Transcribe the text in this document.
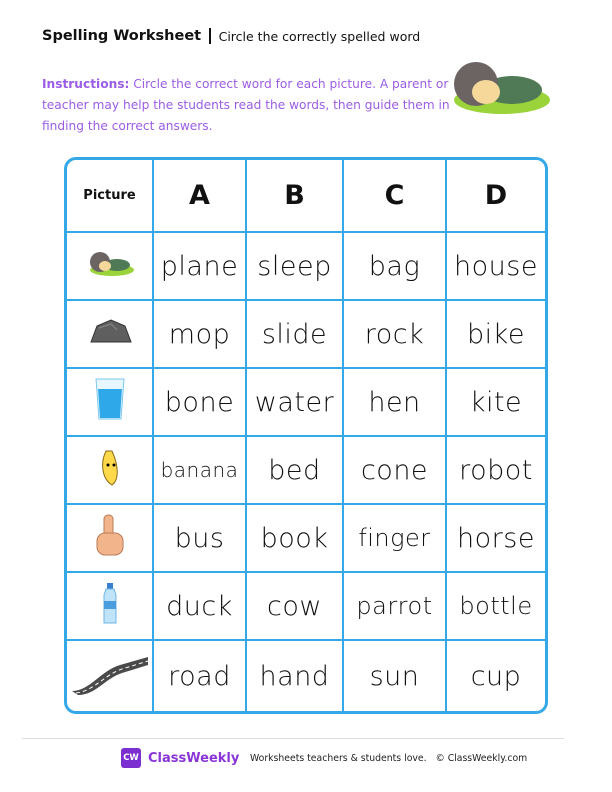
Spelling Worksheet Circle the correctly spelled word
Instructions: Circle the correct word for each picture. A parent or teacher may help the students read the words, then guide them in finding the correct answers.
Picture	A	B	C	D
	plane	sleep	bag	house
	mop	slide	rock	bike
	bone	water	hen	kite
	banana	bed	cone	robot
	bus	book	finger	horse
	duck	cow	parrot	bottle
	road	hand	sun	cup
CW ClassWeekly Worksheets teachers & students love. © ClassWeekly.com
